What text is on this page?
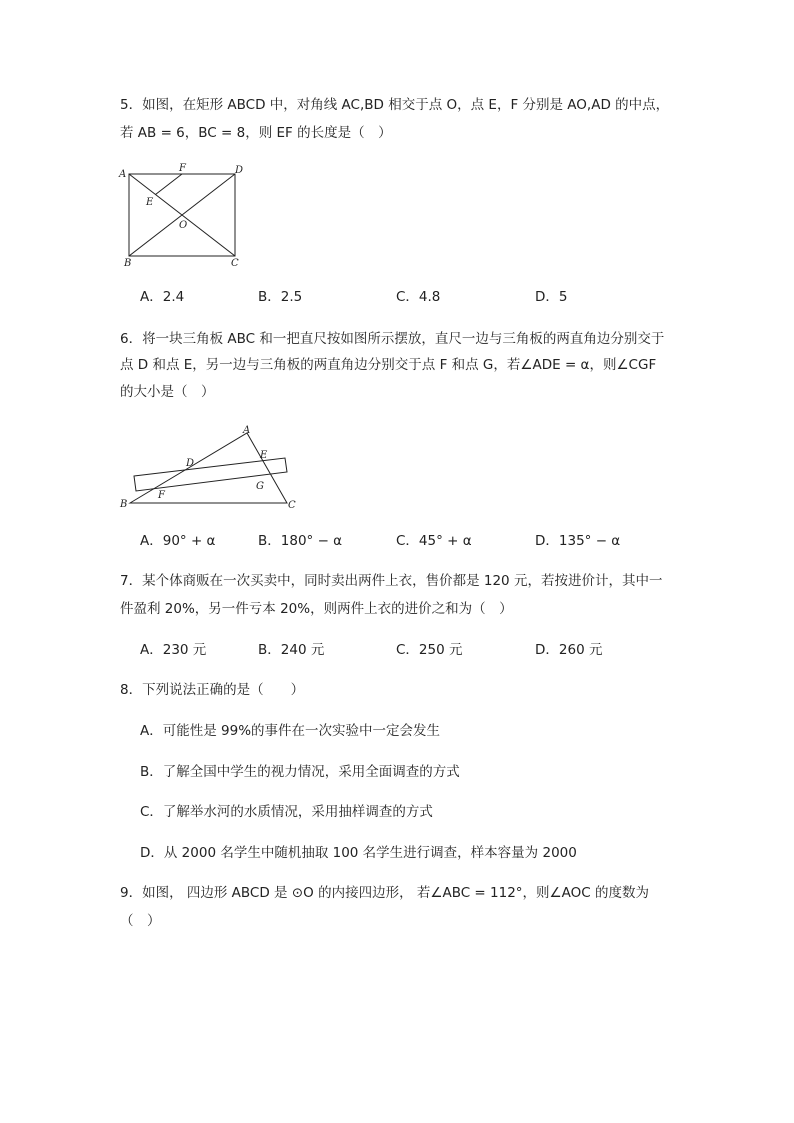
5．如图，在矩形 ABCD 中，对角线 AC,BD 相交于点 O，点 E，F 分别是 AO,AD 的中点，
若 AB = 6，BC = 8，则 EF 的长度是（　）
A
F	D
E
O
B	C
A．2.4	B．2.5	C．4.8	D．5
6．将一块三角板 ABC 和一把直尺按如图所示摆放，直尺一边与三角板的两直角边分别交于
点 D 和点 E，另一边与三角板的两直角边分别交于点 F 和点 G，若∠ADE = α，则∠CGF
的大小是（　）
A
D
E
G
F
B	C
A．90° + α	B．180° − α	C．45° + α	D．135° − α
7．某个体商贩在一次买卖中，同时卖出两件上衣，售价都是 120 元，若按进价计，其中一
件盈利 20%，另一件亏本 20%，则两件上衣的进价之和为（　）
A．230 元	B．240 元	C．250 元	D．260 元
8．下列说法正确的是（　　）
A．可能性是 99%的事件在一次实验中一定会发生
B．了解全国中学生的视力情况，采用全面调查的方式
C．了解举水河的水质情况，采用抽样调查的方式
D．从 2000 名学生中随机抽取 100 名学生进行调查，样本容量为 2000
9．如图， 四边形 ABCD 是 ⊙O 的内接四边形， 若∠ABC = 112°，则∠AOC 的度数为
（　）
